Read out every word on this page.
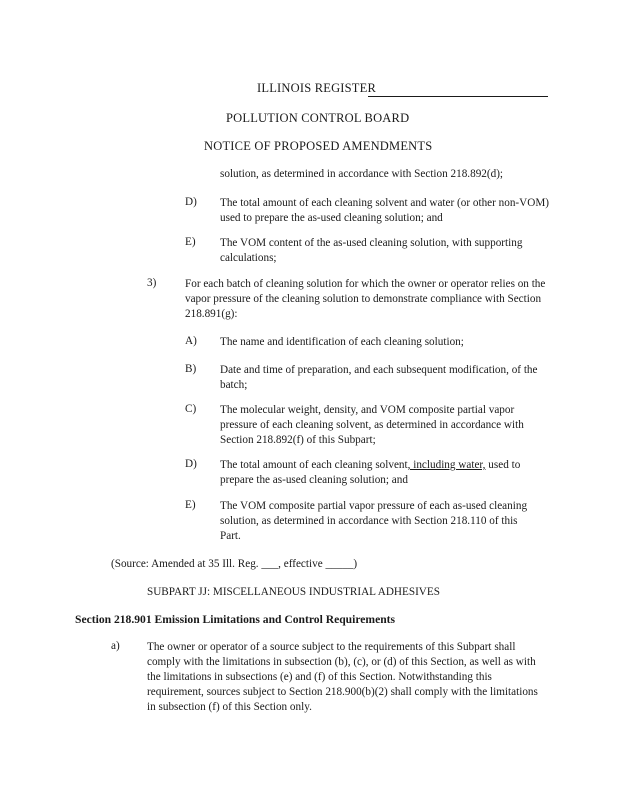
ILLINOIS REGISTER
POLLUTION CONTROL BOARD
NOTICE OF PROPOSED AMENDMENTS
solution, as determined in accordance with Section 218.892(d);
D) The total amount of each cleaning solvent and water (or other non-VOM) used to prepare the as-used cleaning solution; and
E) The VOM content of the as-used cleaning solution, with supporting calculations;
3)	For each batch of cleaning solution for which the owner or operator relies on the vapor pressure of the cleaning solution to demonstrate compliance with Section 218.891(g):
A) The name and identification of each cleaning solution;
B) Date and time of preparation, and each subsequent modification, of the batch;
C) The molecular weight, density, and VOM composite partial vapor pressure of each cleaning solvent, as determined in accordance with Section 218.892(f) of this Subpart;
D) The total amount of each cleaning solvent, including water, used to prepare the as-used cleaning solution; and
E) The VOM composite partial vapor pressure of each as-used cleaning solution, as determined in accordance with Section 218.110 of this Part.
(Source: Amended at 35 Ill. Reg. ___, effective _____)
SUBPART JJ: MISCELLANEOUS INDUSTRIAL ADHESIVES
Section 218.901 Emission Limitations and Control Requirements
a) The owner or operator of a source subject to the requirements of this Subpart shall comply with the limitations in subsection (b), (c), or (d) of this Section, as well as with the limitations in subsections (e) and (f) of this Section. Notwithstanding this requirement, sources subject to Section 218.900(b)(2) shall comply with the limitations in subsection (f) of this Section only.
